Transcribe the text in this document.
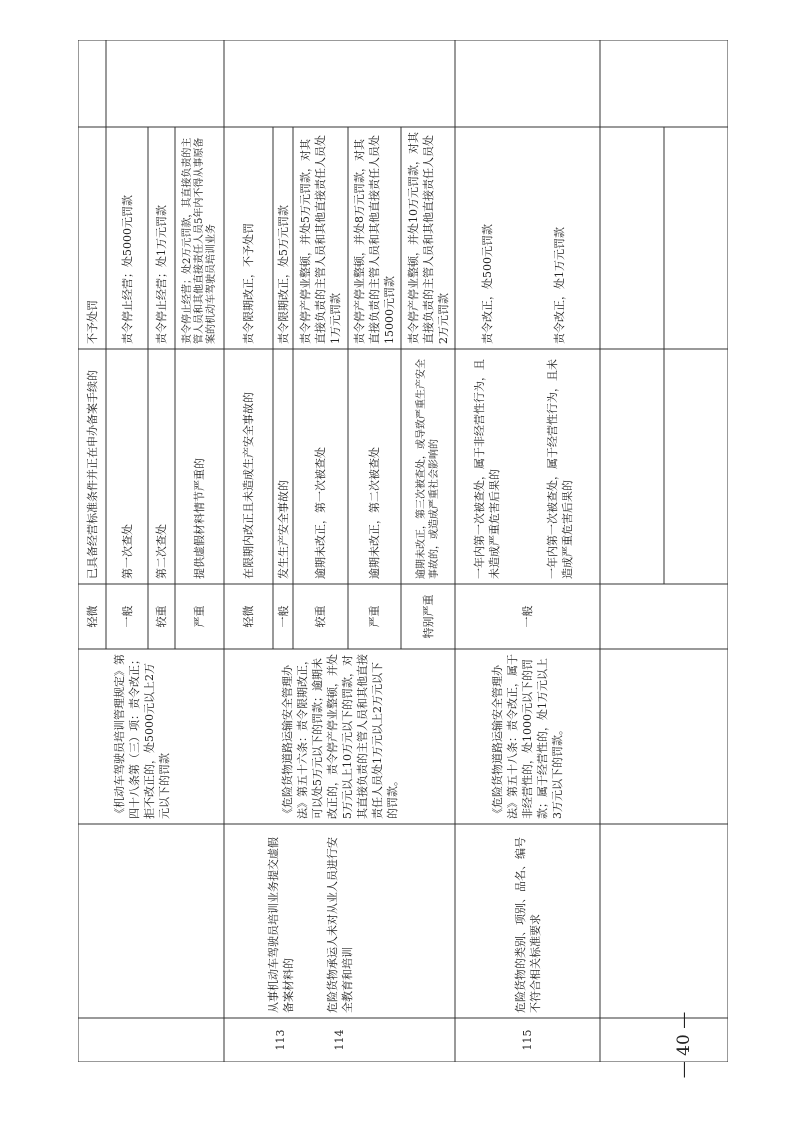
轻微
已具备经营标准条件并正在申办备案手续的
不予处罚
113
从事机动车驾驶员培训业务提交虚假备案材料的
《机动车驾驶员培训管理规定》第四十八条第（三）项：责令改正；拒不改正的，处5000元以上2万元以下的罚款
一般
第一次查处
责令停止经营；处5000元罚款
较重
第二次查处
责令停止经营；处1万元罚款
严重
提供虚假材料情节严重的
责令停止经营；处2万元罚款，其直接负责的主管人员和其他直接责任人员5年内不得从事原备案的机动车驾驶员培训业务
114
危险货物承运人未对从业人员进行安全教育和培训
《危险货物道路运输安全管理办法》第五十六条：责令限期改正，可以处5万元以下的罚款；逾期未改正的，责令停产停业整顿，并处5万元以上10万元以下的罚款，对其直接负责的主管人员和其他直接责任人员处1万元以上2万元以下的罚款。
轻微
在限期内改正且未造成生产安全事故的
责令限期改正，不予处罚
一般
发生生产安全事故的
责令限期改正，处5万元罚款
较重
逾期未改正，第一次被查处
责令停产停业整顿，并处5万元罚款，对其直接负责的主管人员和其他直接责任人员处1万元罚款
严重
逾期未改正，第二次被查处
责令停产停业整顿，并处8万元罚款，对其直接负责的主管人员和其他直接责任人员处15000元罚款
特别严重
逾期未改正，第三次被查处，或导致严重生产安全事故的，或造成严重社会影响的
责令停产停业整顿，并处10万元罚款，对其直接负责的主管人员和其他直接责任人员处2万元罚款
115
危险货物的类别、项别、品名、编号不符合相关标准要求
《危险货物道路运输安全管理办法》第五十八条：责令改正，属于非经营性的，处1000元以下的罚款；属于经营性的，处1万元以上3万元以下的罚款。
一般
一年内第一次被查处，属于非经营性行为，且未造成严重危害后果的
责令改正，处500元罚款
一年内第一次被查处，属于经营性行为，且未造成严重危害后果的
责令改正，处1万元罚款
— 40 —
